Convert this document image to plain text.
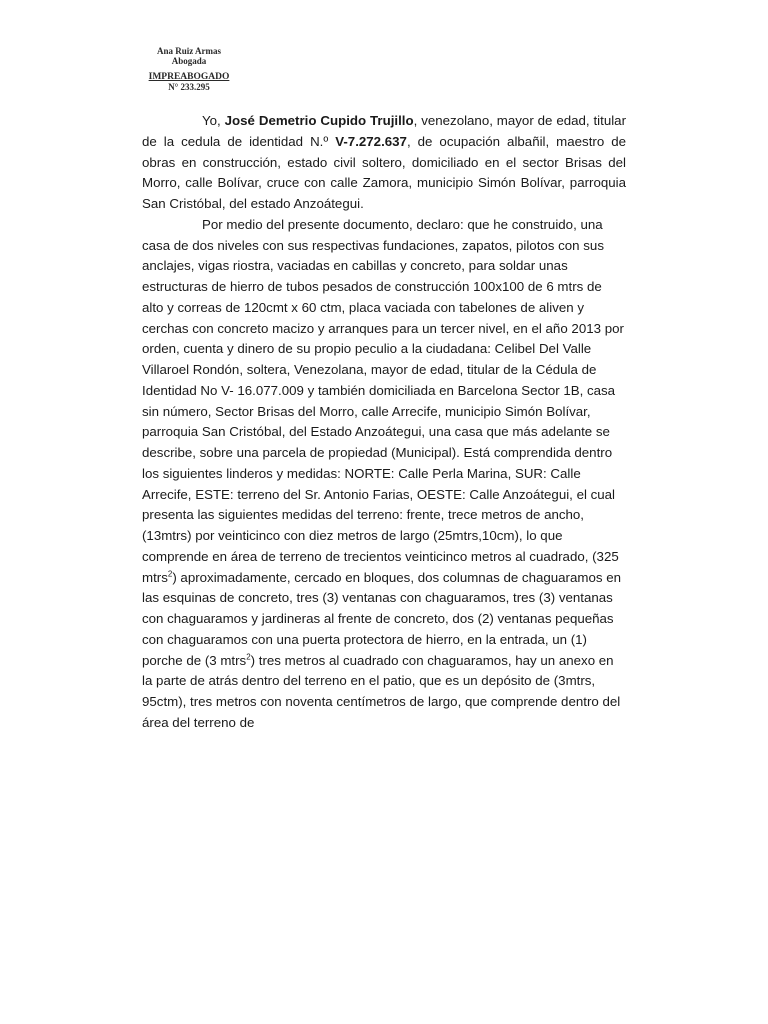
Ana Ruiz Armas
Abogada
IMPREABOGADO
N° 233.295

Yo, José Demetrio Cupido Trujillo, venezolano, mayor de edad, titular de la cedula de identidad N.º V-7.272.637, de ocupación albañil, maestro de obras en construcción, estado civil soltero, domiciliado en el sector Brisas del Morro, calle Bolívar, cruce con calle Zamora, municipio Simón Bolívar, parroquia San Cristóbal, del estado Anzoátegui.

Por medio del presente documento, declaro: que he construido, una casa de dos niveles con sus respectivas fundaciones, zapatos, pilotos con sus anclajes, vigas riostra, vaciadas en cabillas y concreto, para soldar unas estructuras de hierro de tubos pesados de construcción 100x100 de 6 mtrs de alto y correas de 120cmt x 60 ctm, placa vaciada con tabelones de aliven y cerchas con concreto macizo y arranques para un tercer nivel, en el año 2013 por orden, cuenta y dinero de su propio peculio a la ciudadana: Celibel Del Valle Villaroel Rondón, soltera, Venezolana, mayor de edad, titular de la Cédula de Identidad No V- 16.077.009 y también domiciliada en Barcelona Sector 1B, casa sin número, Sector Brisas del Morro, calle Arrecife, municipio Simón Bolívar, parroquia San Cristóbal, del Estado Anzoátegui, una casa que más adelante se describe, sobre una parcela de propiedad (Municipal). Está comprendida dentro los siguientes linderos y medidas: NORTE: Calle Perla Marina, SUR: Calle Arrecife, ESTE: terreno del Sr. Antonio Farias, OESTE: Calle Anzoátegui, el cual presenta las siguientes medidas del terreno: frente, trece metros de ancho, (13mtrs) por veinticinco con diez metros de largo (25mtrs,10cm), lo que comprende en área de terreno de trecientos veinticinco metros al cuadrado, (325 mtrs$^2$) aproximadamente, cercado en bloques, dos columnas de chaguaramos en las esquinas de concreto, tres (3) ventanas con chaguaramos, tres (3) ventanas con chaguaramos y jardineras al frente de concreto, dos (2) ventanas pequeñas con chaguaramos con una puerta protectora de hierro, en la entrada, un (1) porche de (3 mtrs$^2$) tres metros al cuadrado con chaguaramos, hay un anexo en la parte de atrás dentro del terreno en el patio, que es un depósito de (3mtrs, 95ctm), tres metros con noventa centímetros de largo, que comprende dentro del área del terreno de
